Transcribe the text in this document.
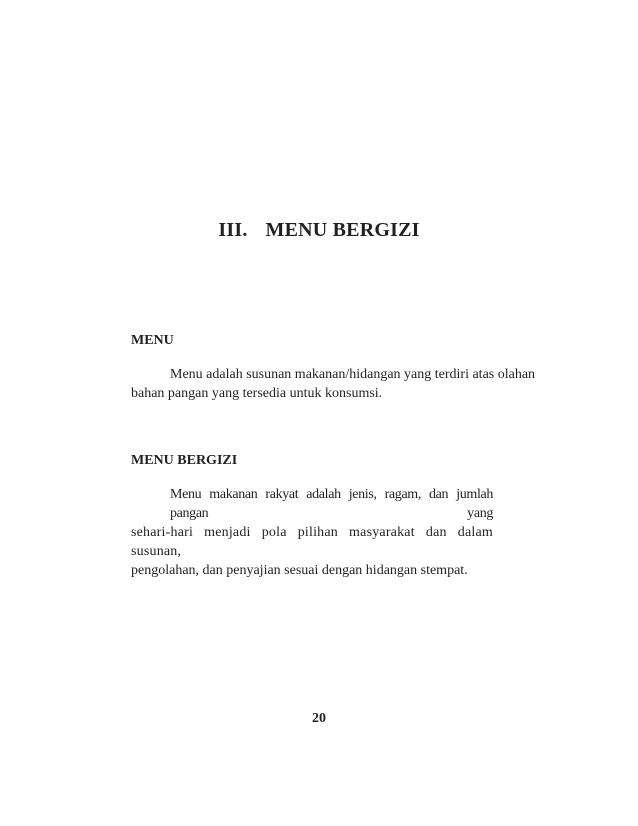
III. MENU BERGIZI
MENU
Menu adalah susunan makanan/hidangan yang terdiri atas olahan
bahan pangan yang tersedia untuk konsumsi.
MENU BERGIZI
Menu makanan rakyat adalah jenis, ragam, dan jumlah pangan yang
sehari-hari menjadi pola pilihan masyarakat dan dalam susunan,
pengolahan, dan penyajian sesuai dengan hidangan stempat.
20
